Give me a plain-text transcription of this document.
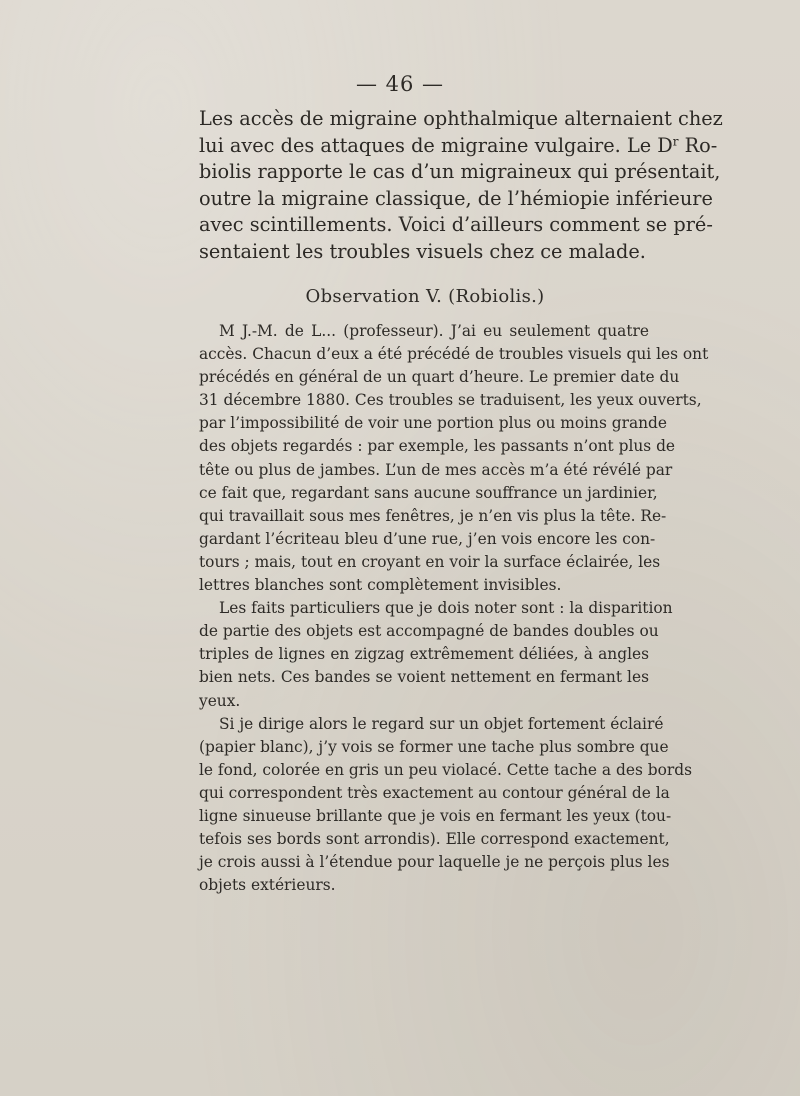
— 46 —
Les accès de migraine ophthalmique alternaient chez
lui avec des attaques de migraine vulgaire. Le $D^r$ Ro-
biolis rapporte le cas d’un migraineux qui présentait,
outre la migraine classique, de l’hémiopie inférieure
avec scintillements. Voici d’ailleurs comment se pré-
sentaient les troubles visuels chez ce malade.
Observation V. (Robiolis.)
M J.-M. de L... (professeur). J’ai eu seulement quatre
accès. Chacun d’eux a été précédé de troubles visuels qui les ont
précédés en général de un quart d’heure. Le premier date du
31 décembre 1880. Ces troubles se traduisent, les yeux ouverts,
par l’impossibilité de voir une portion plus ou moins grande
des objets regardés : par exemple, les passants n’ont plus de
tête ou plus de jambes. L’un de mes accès m’a été révélé par
ce fait que, regardant sans aucune souffrance un jardinier,
qui travaillait sous mes fenêtres, je n’en vis plus la tête. Re-
gardant l’écriteau bleu d’une rue, j’en vois encore les con-
tours ; mais, tout en croyant en voir la surface éclairée, les
lettres blanches sont complètement invisibles.
Les faits particuliers que je dois noter sont : la disparition
de partie des objets est accompagné de bandes doubles ou
triples de lignes en zigzag extrêmement déliées, à angles
bien nets. Ces bandes se voient nettement en fermant les
yeux.
Si je dirige alors le regard sur un objet fortement éclairé
(papier blanc), j’y vois se former une tache plus sombre que
le fond, colorée en gris un peu violacé. Cette tache a des bords
qui correspondent très exactement au contour général de la
ligne sinueuse brillante que je vois en fermant les yeux (tou-
tefois ses bords sont arrondis). Elle correspond exactement,
je crois aussi à l’étendue pour laquelle je ne perçois plus les
objets extérieurs.
